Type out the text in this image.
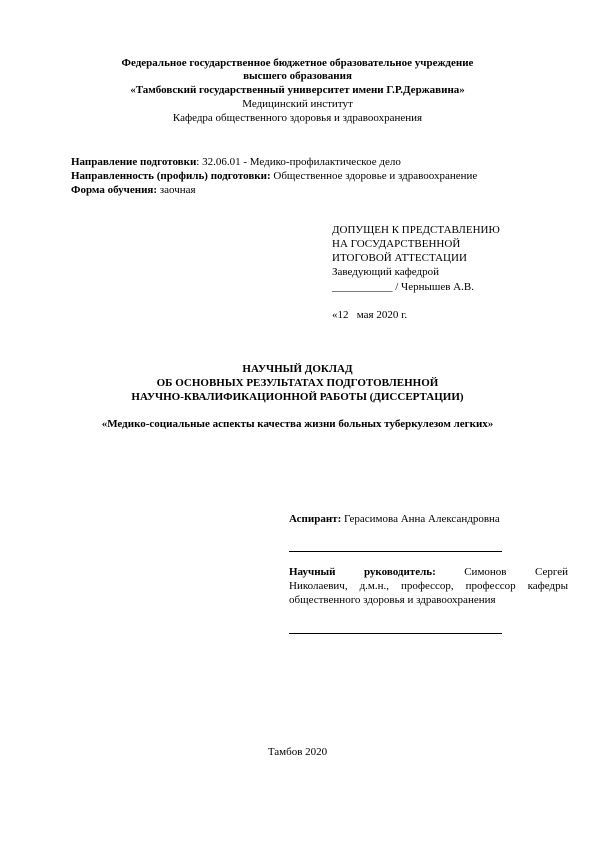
Федеральное государственное бюджетное образовательное учреждение
высшего образования
«Тамбовский государственный университет имени Г.Р.Державина»
Медицинский институт
Кафедра общественного здоровья и здравоохранения
Направление подготовки: 32.06.01 - Медико-профилактическое дело
Направленность (профиль) подготовки: Общественное здоровье и здравоохранение
Форма обучения: заочная
ДОПУЩЕН К ПРЕДСТАВЛЕНИЮ
НА ГОСУДАРСТВЕННОЙ
ИТОГОВОЙ АТТЕСТАЦИИ
Заведующий кафедрой
___________ / Чернышев А.В.
«12   мая 2020 г.
НАУЧНЫЙ ДОКЛАД
ОБ ОСНОВНЫХ РЕЗУЛЬТАТАХ ПОДГОТОВЛЕННОЙ
НАУЧНО-КВАЛИФИКАЦИОННОЙ РАБОТЫ (ДИССЕРТАЦИИ)
«Медико-социальные аспекты качества жизни больных туберкулезом легких»
Аспирант: Герасимова Анна Александровна
Научный	руководитель:	Симонов	Сергей
Николаевич, д.м.н., профессор, профессор кафедры
общественного здоровья и здравоохранения
Тамбов 2020
